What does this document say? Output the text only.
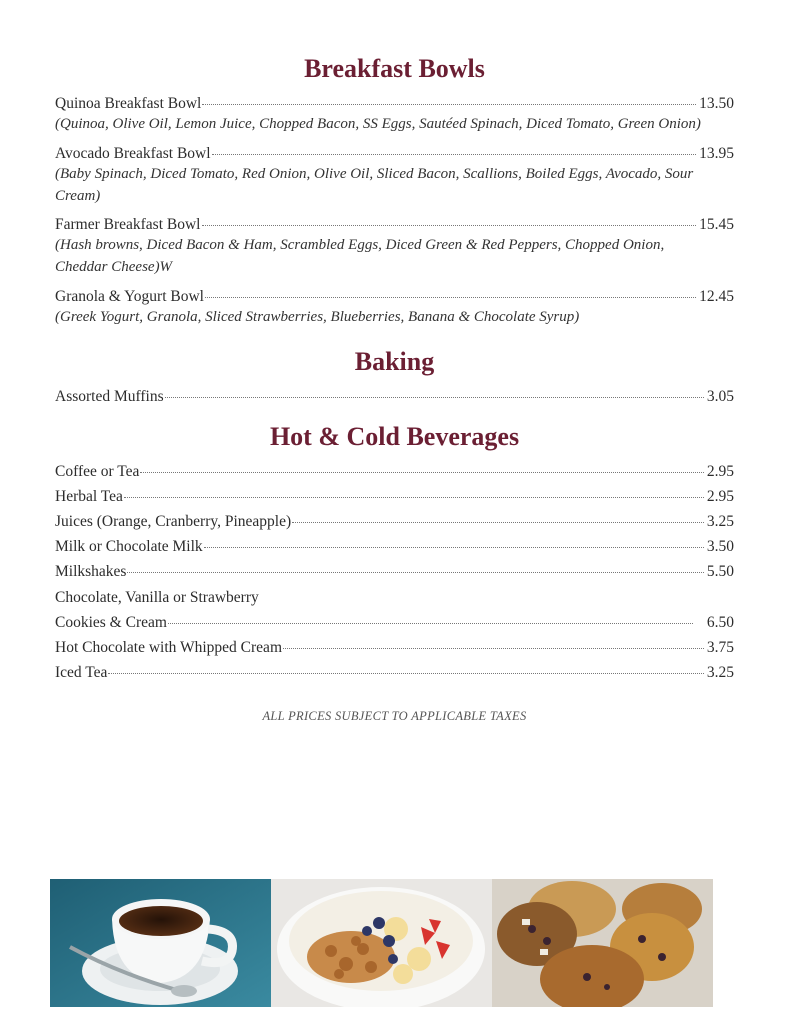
Breakfast Bowls
Quinoa Breakfast Bowl	13.50
(Quinoa, Olive Oil, Lemon Juice, Chopped Bacon, SS Eggs, Sautéed Spinach, Diced Tomato, Green Onion)
Avocado Breakfast Bowl	13.95
(Baby Spinach, Diced Tomato, Red Onion, Olive Oil, Sliced Bacon, Scallions, Boiled Eggs, Avocado, Sour
Cream)
Farmer Breakfast Bowl	15.45
(Hash browns, Diced Bacon & Ham, Scrambled Eggs, Diced Green & Red Peppers, Chopped Onion,
Cheddar Cheese)W
Granola & Yogurt Bowl	12.45
(Greek Yogurt, Granola, Sliced Strawberries, Blueberries, Banana & Chocolate Syrup)
Baking
Assorted Muffins	3.05
Hot & Cold Beverages
Coffee or Tea	2.95
Herbal Tea	2.95
Juices (Orange, Cranberry, Pineapple)	3.25
Milk or Chocolate Milk	3.50
Milkshakes	5.50
Chocolate, Vanilla or Strawberry
Cookies & Cream	6.50
Hot Chocolate with Whipped Cream	3.75
Iced Tea	3.25
ALL PRICES SUBJECT TO APPLICABLE TAXES
